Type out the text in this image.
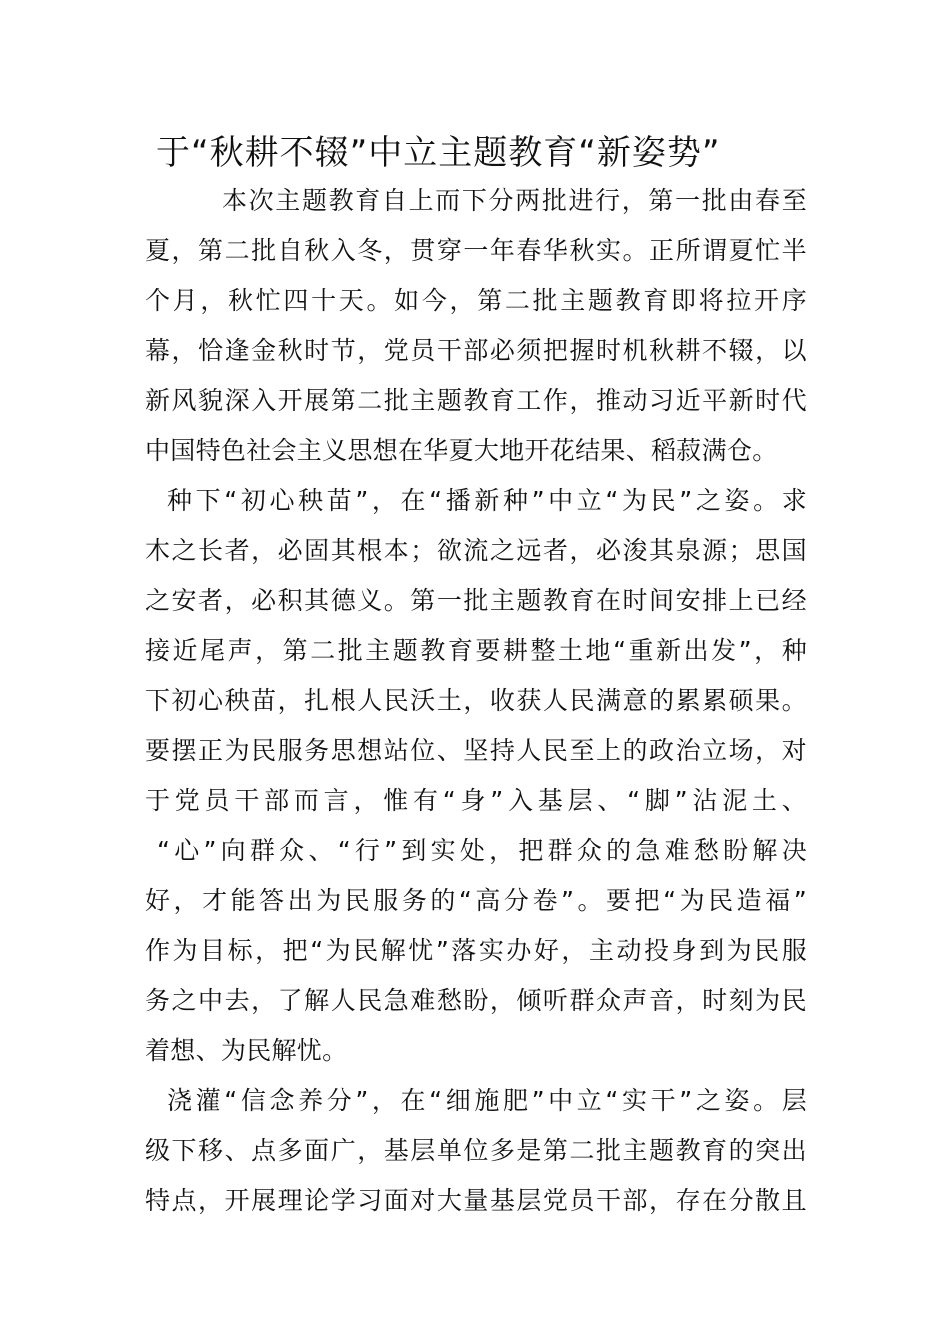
于“秋耕不辍”中立主题教育“新姿势”
本次主题教育自上而下分两批进行，第一批由春至
夏，第二批自秋入冬，贯穿一年春华秋实。正所谓夏忙半
个月，秋忙四十天。如今，第二批主题教育即将拉开序
幕，恰逢金秋时节，党员干部必须把握时机秋耕不辍，以
新风貌深入开展第二批主题教育工作，推动习近平新时代
中国特色社会主义思想在华夏大地开花结果、稻菽满仓。
种下“初心秧苗”，在“播新种”中立“为民”之姿。求
木之长者，必固其根本；欲流之远者，必浚其泉源；思国
之安者，必积其德义。第一批主题教育在时间安排上已经
接近尾声，第二批主题教育要耕整土地“重新出发”，种
下初心秧苗，扎根人民沃土，收获人民满意的累累硕果。
要摆正为民服务思想站位、坚持人民至上的政治立场，对
于党员干部而言，惟有“身”入基层、“脚”沾泥土、
“心”向群众、“行”到实处，把群众的急难愁盼解决
好，才能答出为民服务的“高分卷”。要把“为民造福”
作为目标，把“为民解忧”落实办好，主动投身到为民服
务之中去，了解人民急难愁盼，倾听群众声音，时刻为民
着想、为民解忧。
浇灌“信念养分”，在“细施肥”中立“实干”之姿。层
级下移、点多面广，基层单位多是第二批主题教育的突出
特点，开展理论学习面对大量基层党员干部，存在分散且
